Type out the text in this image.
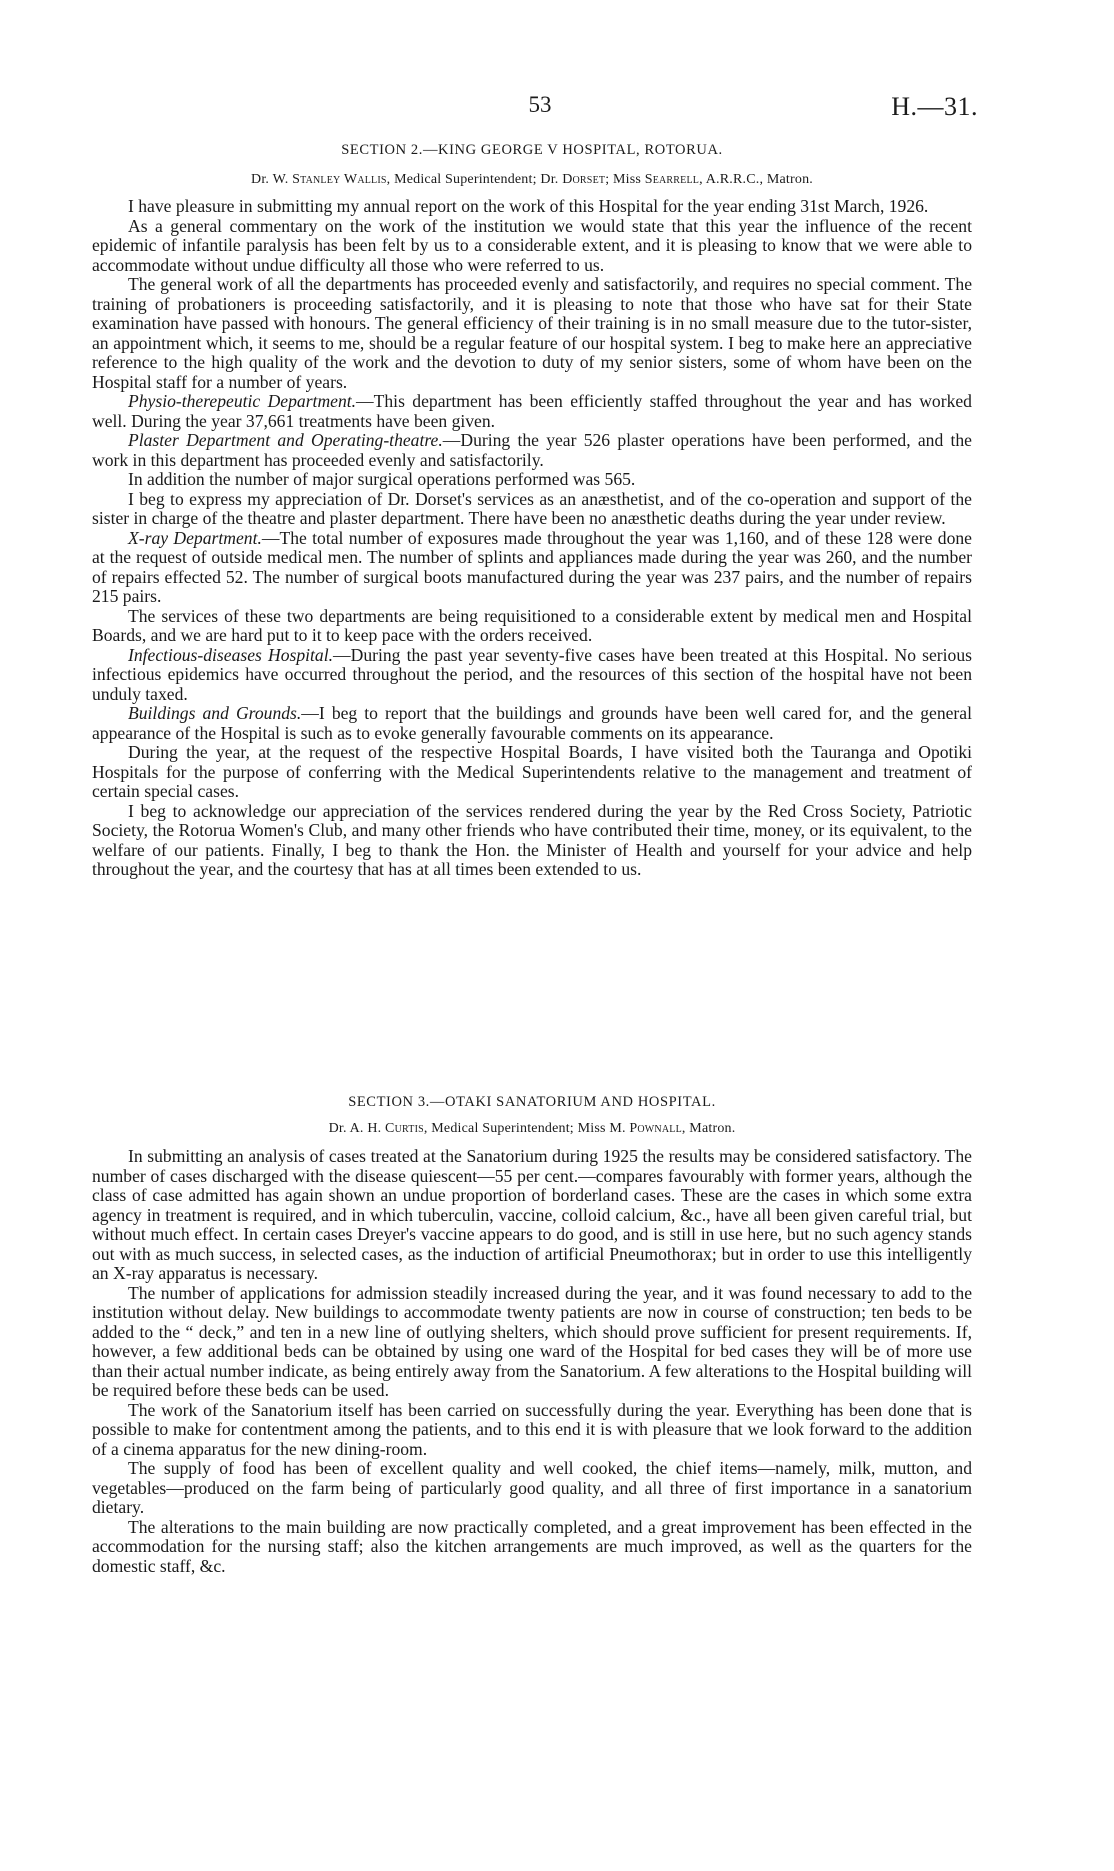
53	H.—31.
SECTION 2.—KING GEORGE V HOSPITAL, ROTORUA.
Dr. W. Stanley Wallis, Medical Superintendent; Dr. Dorset; Miss Searrell, A.R.R.C., Matron.

I have pleasure in submitting my annual report on the work of this Hospital for the year ending 31st March, 1926.

As a general commentary on the work of the institution we would state that this year the influence of the recent epidemic of infantile paralysis has been felt by us to a considerable extent, and it is pleasing to know that we were able to accommodate without undue difficulty all those who were referred to us.

The general work of all the departments has proceeded evenly and satisfactorily, and requires no special comment. The training of probationers is proceeding satisfactorily, and it is pleasing to note that those who have sat for their State examination have passed with honours. The general efficiency of their training is in no small measure due to the tutor-sister, an appointment which, it seems to me, should be a regular feature of our hospital system. I beg to make here an appreciative reference to the high quality of the work and the devotion to duty of my senior sisters, some of whom have been on the Hospital staff for a number of years.

Physio-therepeutic Department.—This department has been efficiently staffed throughout the year and has worked well. During the year 37,661 treatments have been given.

Plaster Department and Operating-theatre.—During the year 526 plaster operations have been performed, and the work in this department has proceeded evenly and satisfactorily.

In addition the number of major surgical operations performed was 565.

I beg to express my appreciation of Dr. Dorset's services as an anæsthetist, and of the co-operation and support of the sister in charge of the theatre and plaster department. There have been no anæsthetic deaths during the year under review.

X-ray Department.—The total number of exposures made throughout the year was 1,160, and of these 128 were done at the request of outside medical men. The number of splints and appliances made during the year was 260, and the number of repairs effected 52. The number of surgical boots manufactured during the year was 237 pairs, and the number of repairs 215 pairs.

The services of these two departments are being requisitioned to a considerable extent by medical men and Hospital Boards, and we are hard put to it to keep pace with the orders received.

Infectious-diseases Hospital.—During the past year seventy-five cases have been treated at this Hospital. No serious infectious epidemics have occurred throughout the period, and the resources of this section of the hospital have not been unduly taxed.

Buildings and Grounds.—I beg to report that the buildings and grounds have been well cared for, and the general appearance of the Hospital is such as to evoke generally favourable comments on its appearance.

During the year, at the request of the respective Hospital Boards, I have visited both the Tauranga and Opotiki Hospitals for the purpose of conferring with the Medical Superintendents relative to the management and treatment of certain special cases.

I beg to acknowledge our appreciation of the services rendered during the year by the Red Cross Society, Patriotic Society, the Rotorua Women's Club, and many other friends who have contributed their time, money, or its equivalent, to the welfare of our patients. Finally, I beg to thank the Hon. the Minister of Health and yourself for your advice and help throughout the year, and the courtesy that has at all times been extended to us.

SECTION 3.—OTAKI SANATORIUM AND HOSPITAL.
Dr. A. H. Curtis, Medical Superintendent; Miss M. Pownall, Matron.

In submitting an analysis of cases treated at the Sanatorium during 1925 the results may be considered satisfactory. The number of cases discharged with the disease quiescent—55 per cent.—compares favourably with former years, although the class of case admitted has again shown an undue proportion of borderland cases. These are the cases in which some extra agency in treatment is required, and in which tuberculin, vaccine, colloid calcium, &c., have all been given careful trial, but without much effect. In certain cases Dreyer's vaccine appears to do good, and is still in use here, but no such agency stands out with as much success, in selected cases, as the induction of artificial Pneumothorax; but in order to use this intelligently an X-ray apparatus is necessary.

The number of applications for admission steadily increased during the year, and it was found necessary to add to the institution without delay. New buildings to accommodate twenty patients are now in course of construction; ten beds to be added to the “ deck,” and ten in a new line of outlying shelters, which should prove sufficient for present requirements. If, however, a few additional beds can be obtained by using one ward of the Hospital for bed cases they will be of more use than their actual number indicate, as being entirely away from the Sanatorium. A few alterations to the Hospital building will be required before these beds can be used.

The work of the Sanatorium itself has been carried on successfully during the year. Everything has been done that is possible to make for contentment among the patients, and to this end it is with pleasure that we look forward to the addition of a cinema apparatus for the new dining-room.

The supply of food has been of excellent quality and well cooked, the chief items—namely, milk, mutton, and vegetables—produced on the farm being of particularly good quality, and all three of first importance in a sanatorium dietary.

The alterations to the main building are now practically completed, and a great improvement has been effected in the accommodation for the nursing staff; also the kitchen arrangements are much improved, as well as the quarters for the domestic staff, &c.
